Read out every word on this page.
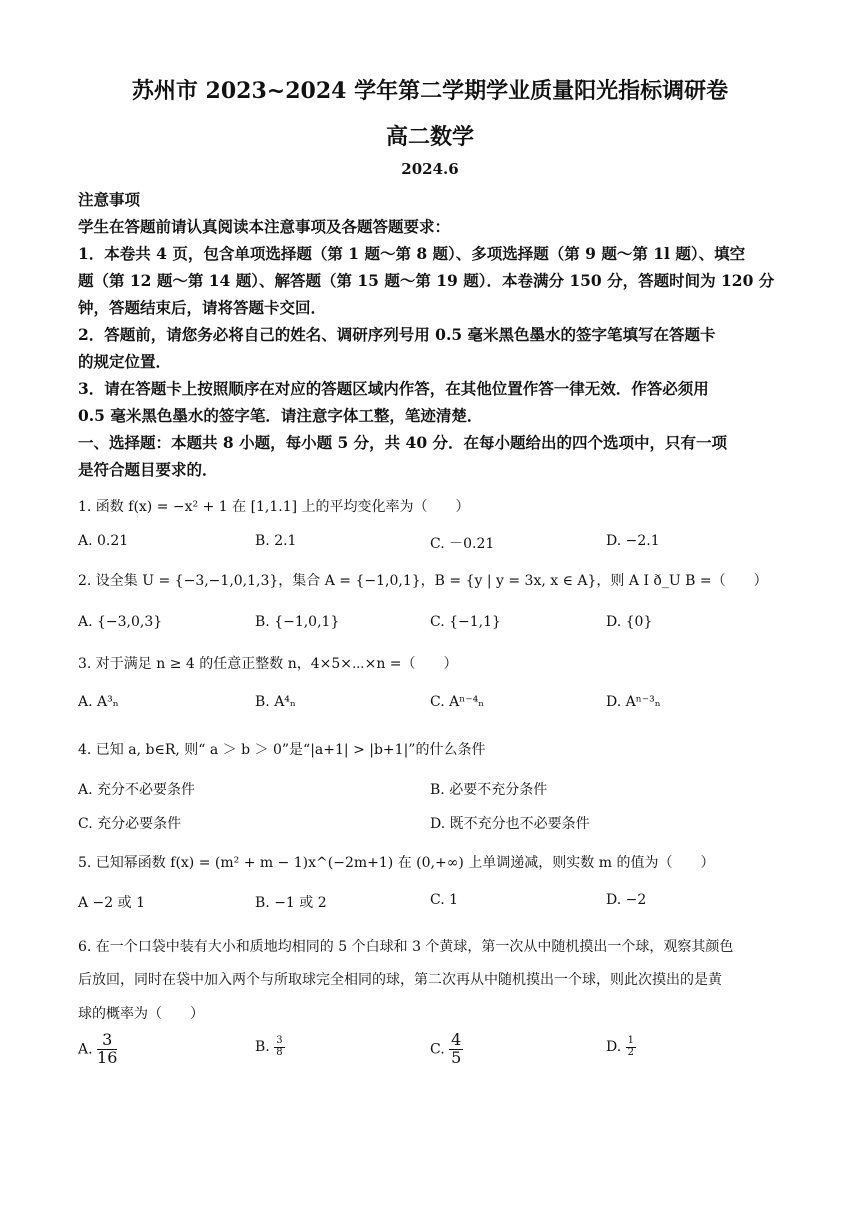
苏州市 2023~2024 学年第二学期学业质量阳光指标调研卷
高二数学
2024.6
注意事项
学生在答题前请认真阅读本注意事项及各题答题要求：
1．本卷共 4 页，包含单项选择题（第 1 题～第 8 题）、多项选择题（第 9 题～第 1l 题）、填空
题（第 12 题～第 14 题）、解答题（第 15 题～第 19 题）．本卷满分 150 分，答题时间为 120 分
钟，答题结束后，请将答题卡交回．
2．答题前，请您务必将自己的姓名、调研序列号用 0.5 毫米黑色墨水的签字笔填写在答题卡
的规定位置．
3．请在答题卡上按照顺序在对应的答题区域内作答，在其他位置作答一律无效．作答必须用
0.5 毫米黑色墨水的签字笔．请注意字体工整，笔迹清楚．
一、选择题：本题共 8 小题，每小题 5 分，共 40 分．在每小题给出的四个选项中，只有一项
是符合题目要求的．
1. 函数 f(x) = −x² + 1 在 [1,1.1] 上的平均变化率为（　　）
A. 0.21	B. 2.1	C. －0.21	D. −2.1
2. 设全集 U = {−3,−1,0,1,3}，集合 A = {−1,0,1}，B = {y | y = 3x, x ∈ A}，则 A I ð_U B =（　　）
A. {−3,0,3}	B. {−1,0,1}	C. {−1,1}	D. {0}
3. 对于满足 n ≥ 4 的任意正整数 n，4×5×⋯×n =（　　）
A. A³ₙ	B. A⁴ₙ	C. Aⁿ⁻⁴ₙ	D. Aⁿ⁻³ₙ
4. 已知 a, b∈R, 则“ a ＞ b ＞ 0”是“|a+1| > |b+1|”的什么条件
A. 充分不必要条件	B. 必要不充分条件
C. 充分必要条件	D. 既不充分也不必要条件
5. 已知幂函数 f(x) = (m² + m − 1)x^(−2m+1) 在 (0,+∞) 上单调递减，则实数 m 的值为（　　）
A −2 或 1	B. −1 或 2	C. 1	D. −2
6. 在一个口袋中装有大小和质地均相同的 5 个白球和 3 个黄球，第一次从中随机摸出一个球，观察其颜色
后放回，同时在袋中加入两个与所取球完全相同的球，第二次再从中随机摸出一个球，则此次摸出的是黄
球的概率为（　　）
A. $\frac{3}{16}$	B. $\frac{3}{8}$	C. $\frac{4}{5}$	D. $\frac{1}{2}$
